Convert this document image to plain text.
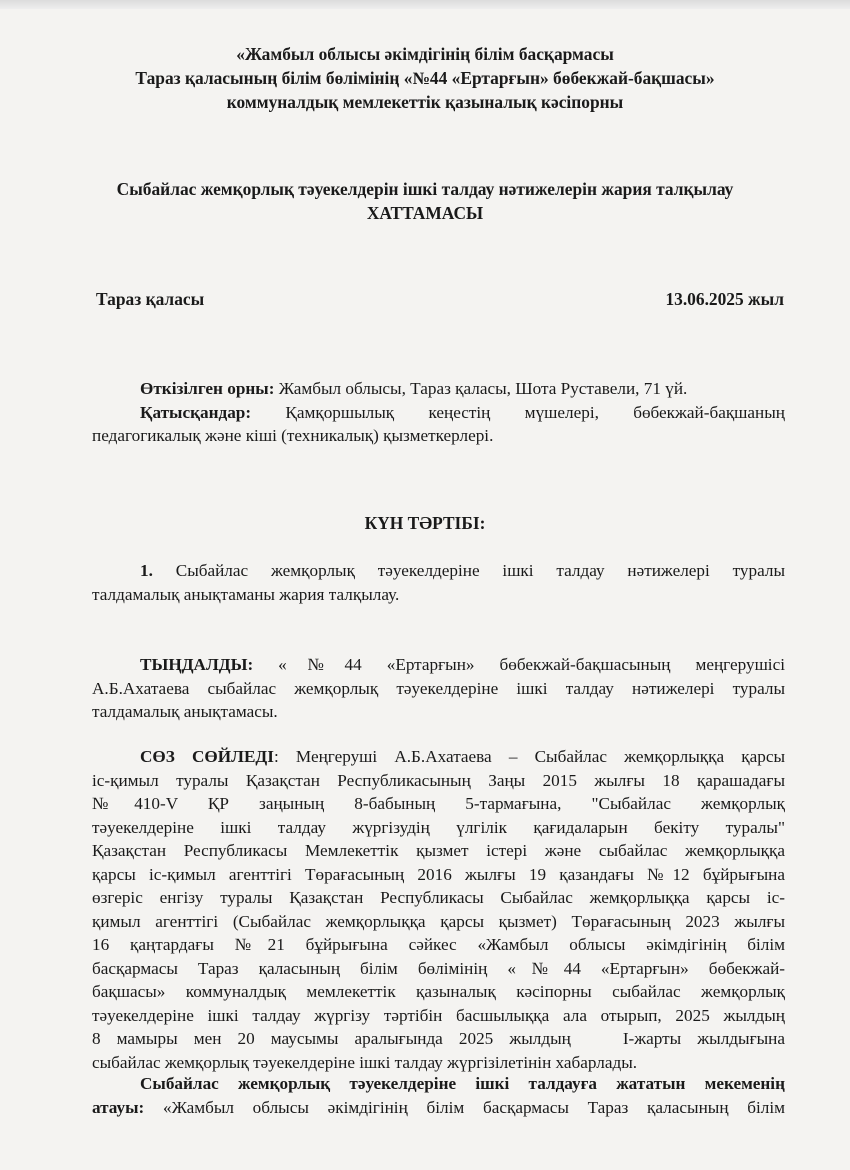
«Жамбыл облысы әкімдігінің білім басқармасы
Тараз қаласының білім бөлімінің «№44 «Ертарғын» бөбекжай-бақшасы»
коммуналдық мемлекеттік қазыналық кәсіпорны
Сыбайлас жемқорлық тәуекелдерін ішкі талдау нәтижелерін жария талқылау
ХАТТАМАСЫ
Тараз қаласы	13.06.2025 жыл
Өткізілген орны: Жамбыл облысы, Тараз қаласы, Шота Руставели, 71 үй.
Қатысқандар: Қамқоршылық кеңестің мүшелері, бөбекжай-бақшаның
педагогикалық және кіші (техникалық) қызметкерлері.
КҮН ТӘРТІБІ:
1. Сыбайлас жемқорлық тәуекелдеріне ішкі талдау нәтижелері туралы
талдамалық анықтаманы жария талқылау.
ТЫҢДАЛДЫ: «№44 «Ертарғын» бөбекжай-бақшасының меңгерушісі
А.Б.Ахатаева сыбайлас жемқорлық тәуекелдеріне ішкі талдау нәтижелері туралы
талдамалық анықтамасы.
СӨЗ СӨЙЛЕДІ: Меңгеруші А.Б.Ахатаева – Сыбайлас жемқорлыққа қарсы
іс-қимыл туралы Қазақстан Республикасының Заңы 2015 жылғы 18 қарашадағы
№410-V ҚР заңының 8-бабының 5-тармағына, "Сыбайлас жемқорлық
тәуекелдеріне ішкі талдау жүргізудің үлгілік қағидаларын бекіту туралы"
Қазақстан Республикасы Мемлекеттік қызмет істері және сыбайлас жемқорлыққа
қарсы іс-қимыл агенттігі Төрағасының 2016 жылғы 19 қазандағы №12 бұйрығына
өзгеріс енгізу туралы Қазақстан Республикасы Сыбайлас жемқорлыққа қарсы іс-
қимыл агенттігі (Сыбайлас жемқорлыққа қарсы қызмет) Төрағасының 2023 жылғы
16 қаңтардағы №21 бұйрығына сәйкес «Жамбыл облысы әкімдігінің білім
басқармасы Тараз қаласының білім бөлімінің «№44 «Ертарғын» бөбекжай-
бақшасы» коммуналдық мемлекеттік қазыналық кәсіпорны сыбайлас жемқорлық
тәуекелдеріне ішкі талдау жүргізу тәртібін басшылыққа ала отырып, 2025 жылдың
8 мамыры мен 20 маусымы аралығында 2025 жылдың	І-жарты жылдығына
сыбайлас жемқорлық тәуекелдеріне ішкі талдау жүргізілетінін хабарлады.
Сыбайлас жемқорлық тәуекелдеріне ішкі талдауға жататын мекеменің
атауы: «Жамбыл облысы әкімдігінің білім басқармасы Тараз қаласының білім
